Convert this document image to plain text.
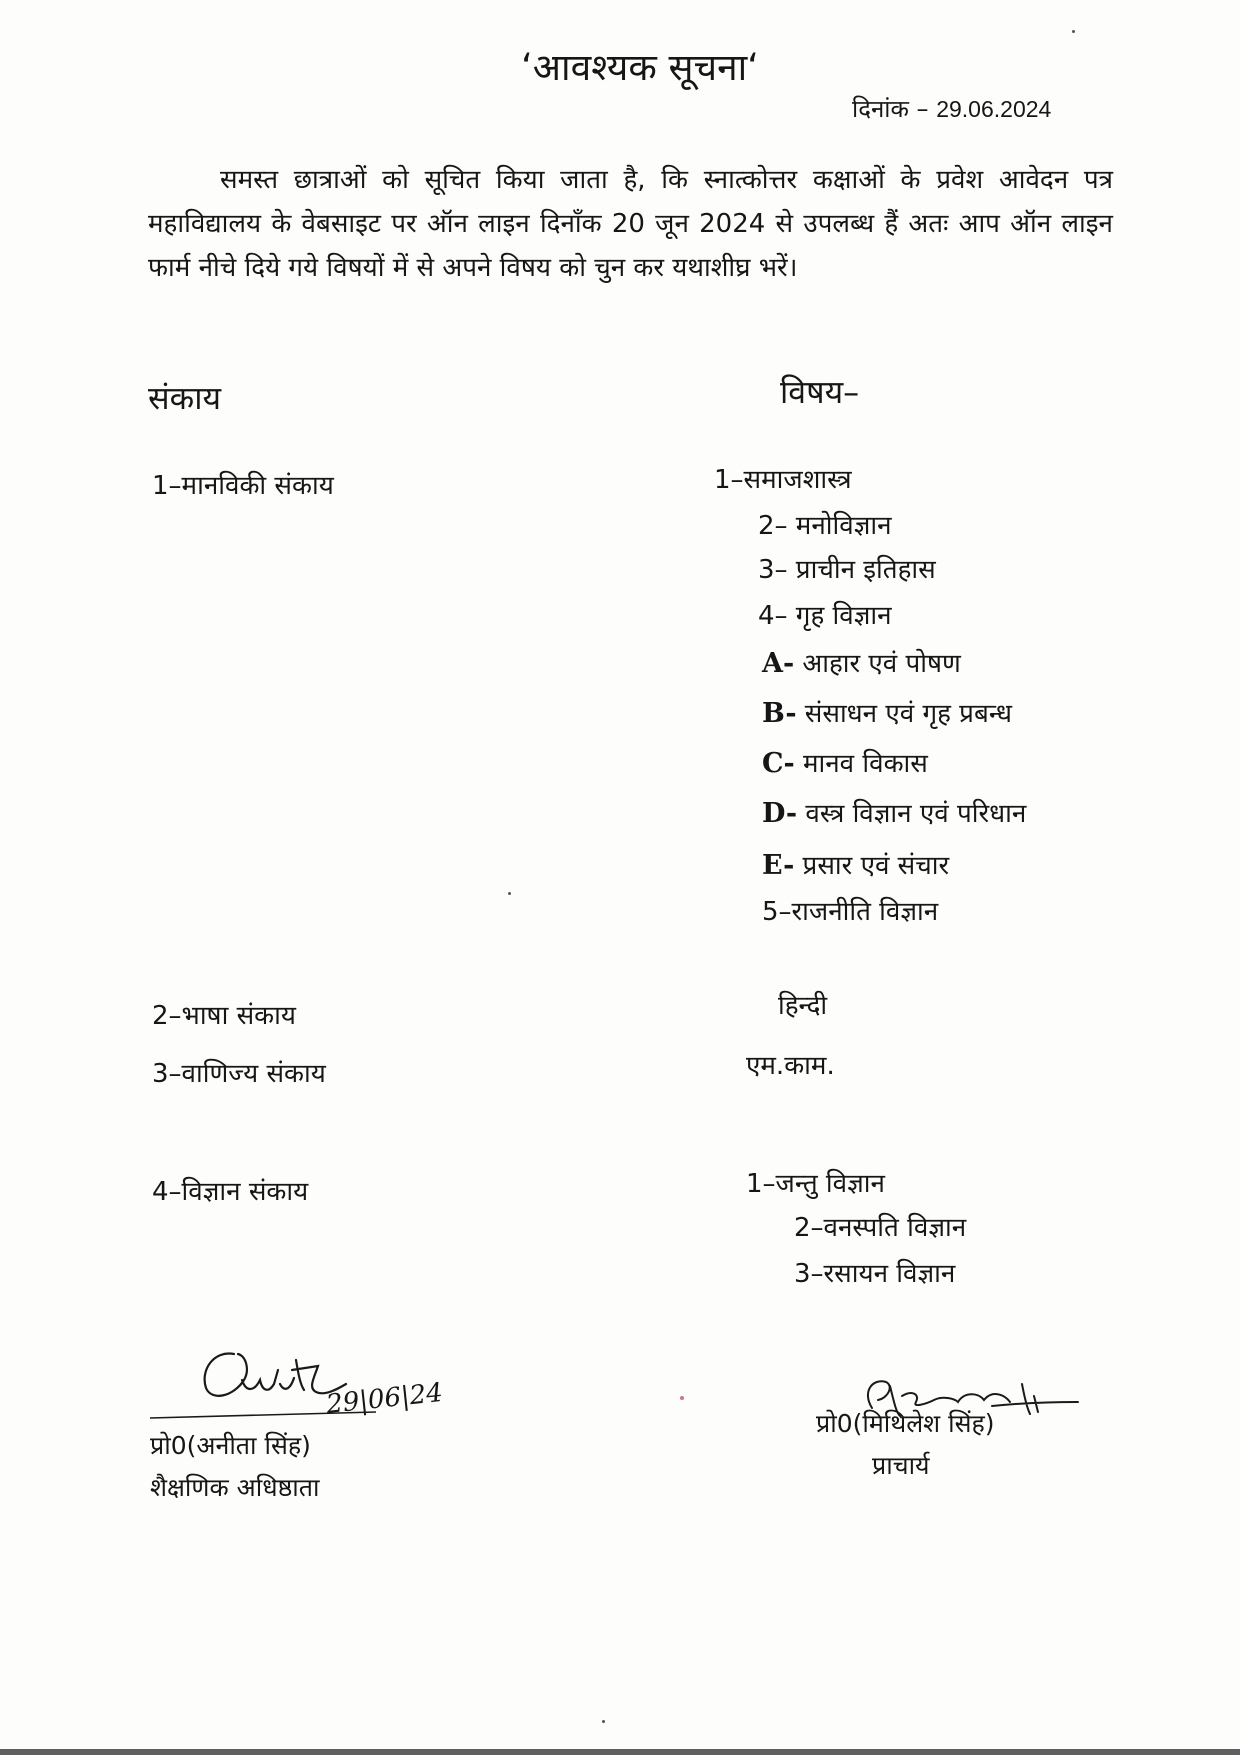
‘आवश्यक सूचना‘
दिनांक – 29.06.2024
समस्त छात्राओं को सूचित किया जाता है, कि स्नात्कोत्तर कक्षाओं के प्रवेश आवेदन पत्र महाविद्यालय के वेबसाइट पर ऑन लाइन दिनाँक 20 जून 2024 से उपलब्ध हैं अतः आप ऑन लाइन फार्म नीचे दिये गये विषयों में से अपने विषय को चुन कर यथाशीघ्र भरें।
संकाय	विषय–
1–मानविकी संकाय	1–समाजशास्त्र
2– मनोविज्ञान
3– प्राचीन इतिहास
4– गृह विज्ञान
A- आहार एवं पोषण
B- संसाधन एवं गृह प्रबन्ध
C- मानव विकास
D- वस्त्र विज्ञान एवं परिधान
E- प्रसार एवं संचार
5–राजनीति विज्ञान
2–भाषा संकाय	हिन्दी
3–वाणिज्य संकाय	एम.काम.
4–विज्ञान संकाय	1–जन्तु विज्ञान
2–वनस्पति विज्ञान
3–रसायन विज्ञान
29|06|24
प्रो0(अनीता सिंह)
शैक्षणिक अधिष्ठाता
प्रो0(मिथिलेश सिंह)
प्राचार्य
